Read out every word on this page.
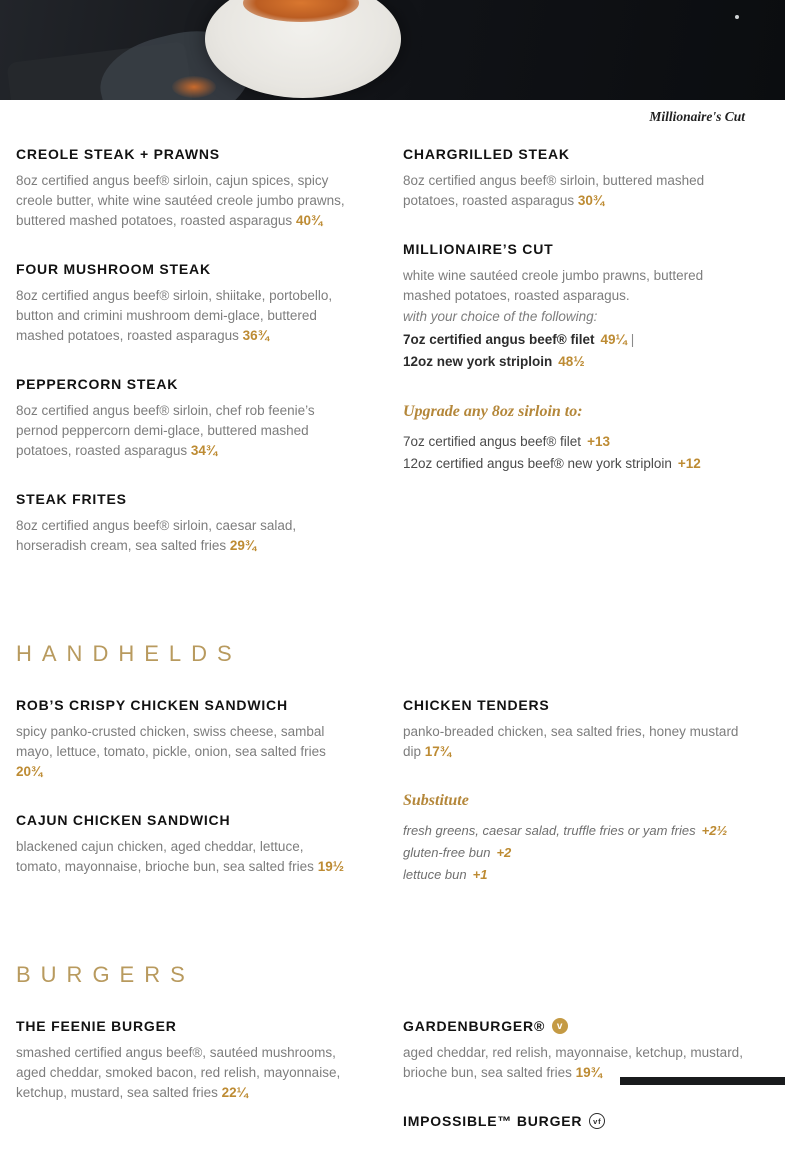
Millionaire's Cut
CREOLE STEAK + PRAWNS

8oz certified angus beef® sirloin, cajun spices, spicy creole butter, white wine sautéed creole jumbo prawns, buttered mashed potatoes, roasted asparagus 40¾

FOUR MUSHROOM STEAK

8oz certified angus beef® sirloin, shiitake, portobello, button and crimini mushroom demi-glace, buttered mashed potatoes, roasted asparagus 36¾

PEPPERCORN STEAK

8oz certified angus beef® sirloin, chef rob feenie’s pernod peppercorn demi-glace, buttered mashed potatoes, roasted asparagus 34¾

STEAK FRITES

8oz certified angus beef® sirloin, caesar salad, horseradish cream, sea salted fries 29¾

CHARGRILLED STEAK

8oz certified angus beef® sirloin, buttered mashed potatoes, roasted asparagus 30¾

MILLIONAIRE’S CUT

white wine sautéed creole jumbo prawns, buttered mashed potatoes, roasted asparagus.

with your choice of the following:

7oz certified angus beef® filet 49¼ |

12oz new york striploin 48½

Upgrade any 8oz sirloin to:

7oz certified angus beef® filet +13

12oz certified angus beef® new york striploin +12

HANDHELDS
ROB’S CRISPY CHICKEN SANDWICH

spicy panko-crusted chicken, swiss cheese, sambal mayo, lettuce, tomato, pickle, onion, sea salted fries 20¾

CAJUN CHICKEN SANDWICH

blackened cajun chicken, aged cheddar, lettuce, tomato, mayonnaise, brioche bun, sea salted fries 19½

CHICKEN TENDERS

panko-breaded chicken, sea salted fries, honey mustard dip 17¾

Substitute

fresh greens, caesar salad, truffle fries or yam fries +2½

gluten-free bun +2

lettuce bun +1

BURGERS
THE FEENIE BURGER

smashed certified angus beef®, sautéed mushrooms, aged cheddar, smoked bacon, red relish, mayonnaise, ketchup, mustard, sea salted fries 22¼

GARDENBURGER®	v

aged cheddar, red relish, mayonnaise, ketchup, mustard, brioche bun, sea salted fries 19¾

IMPOSSIBLE™ BURGER	vf
